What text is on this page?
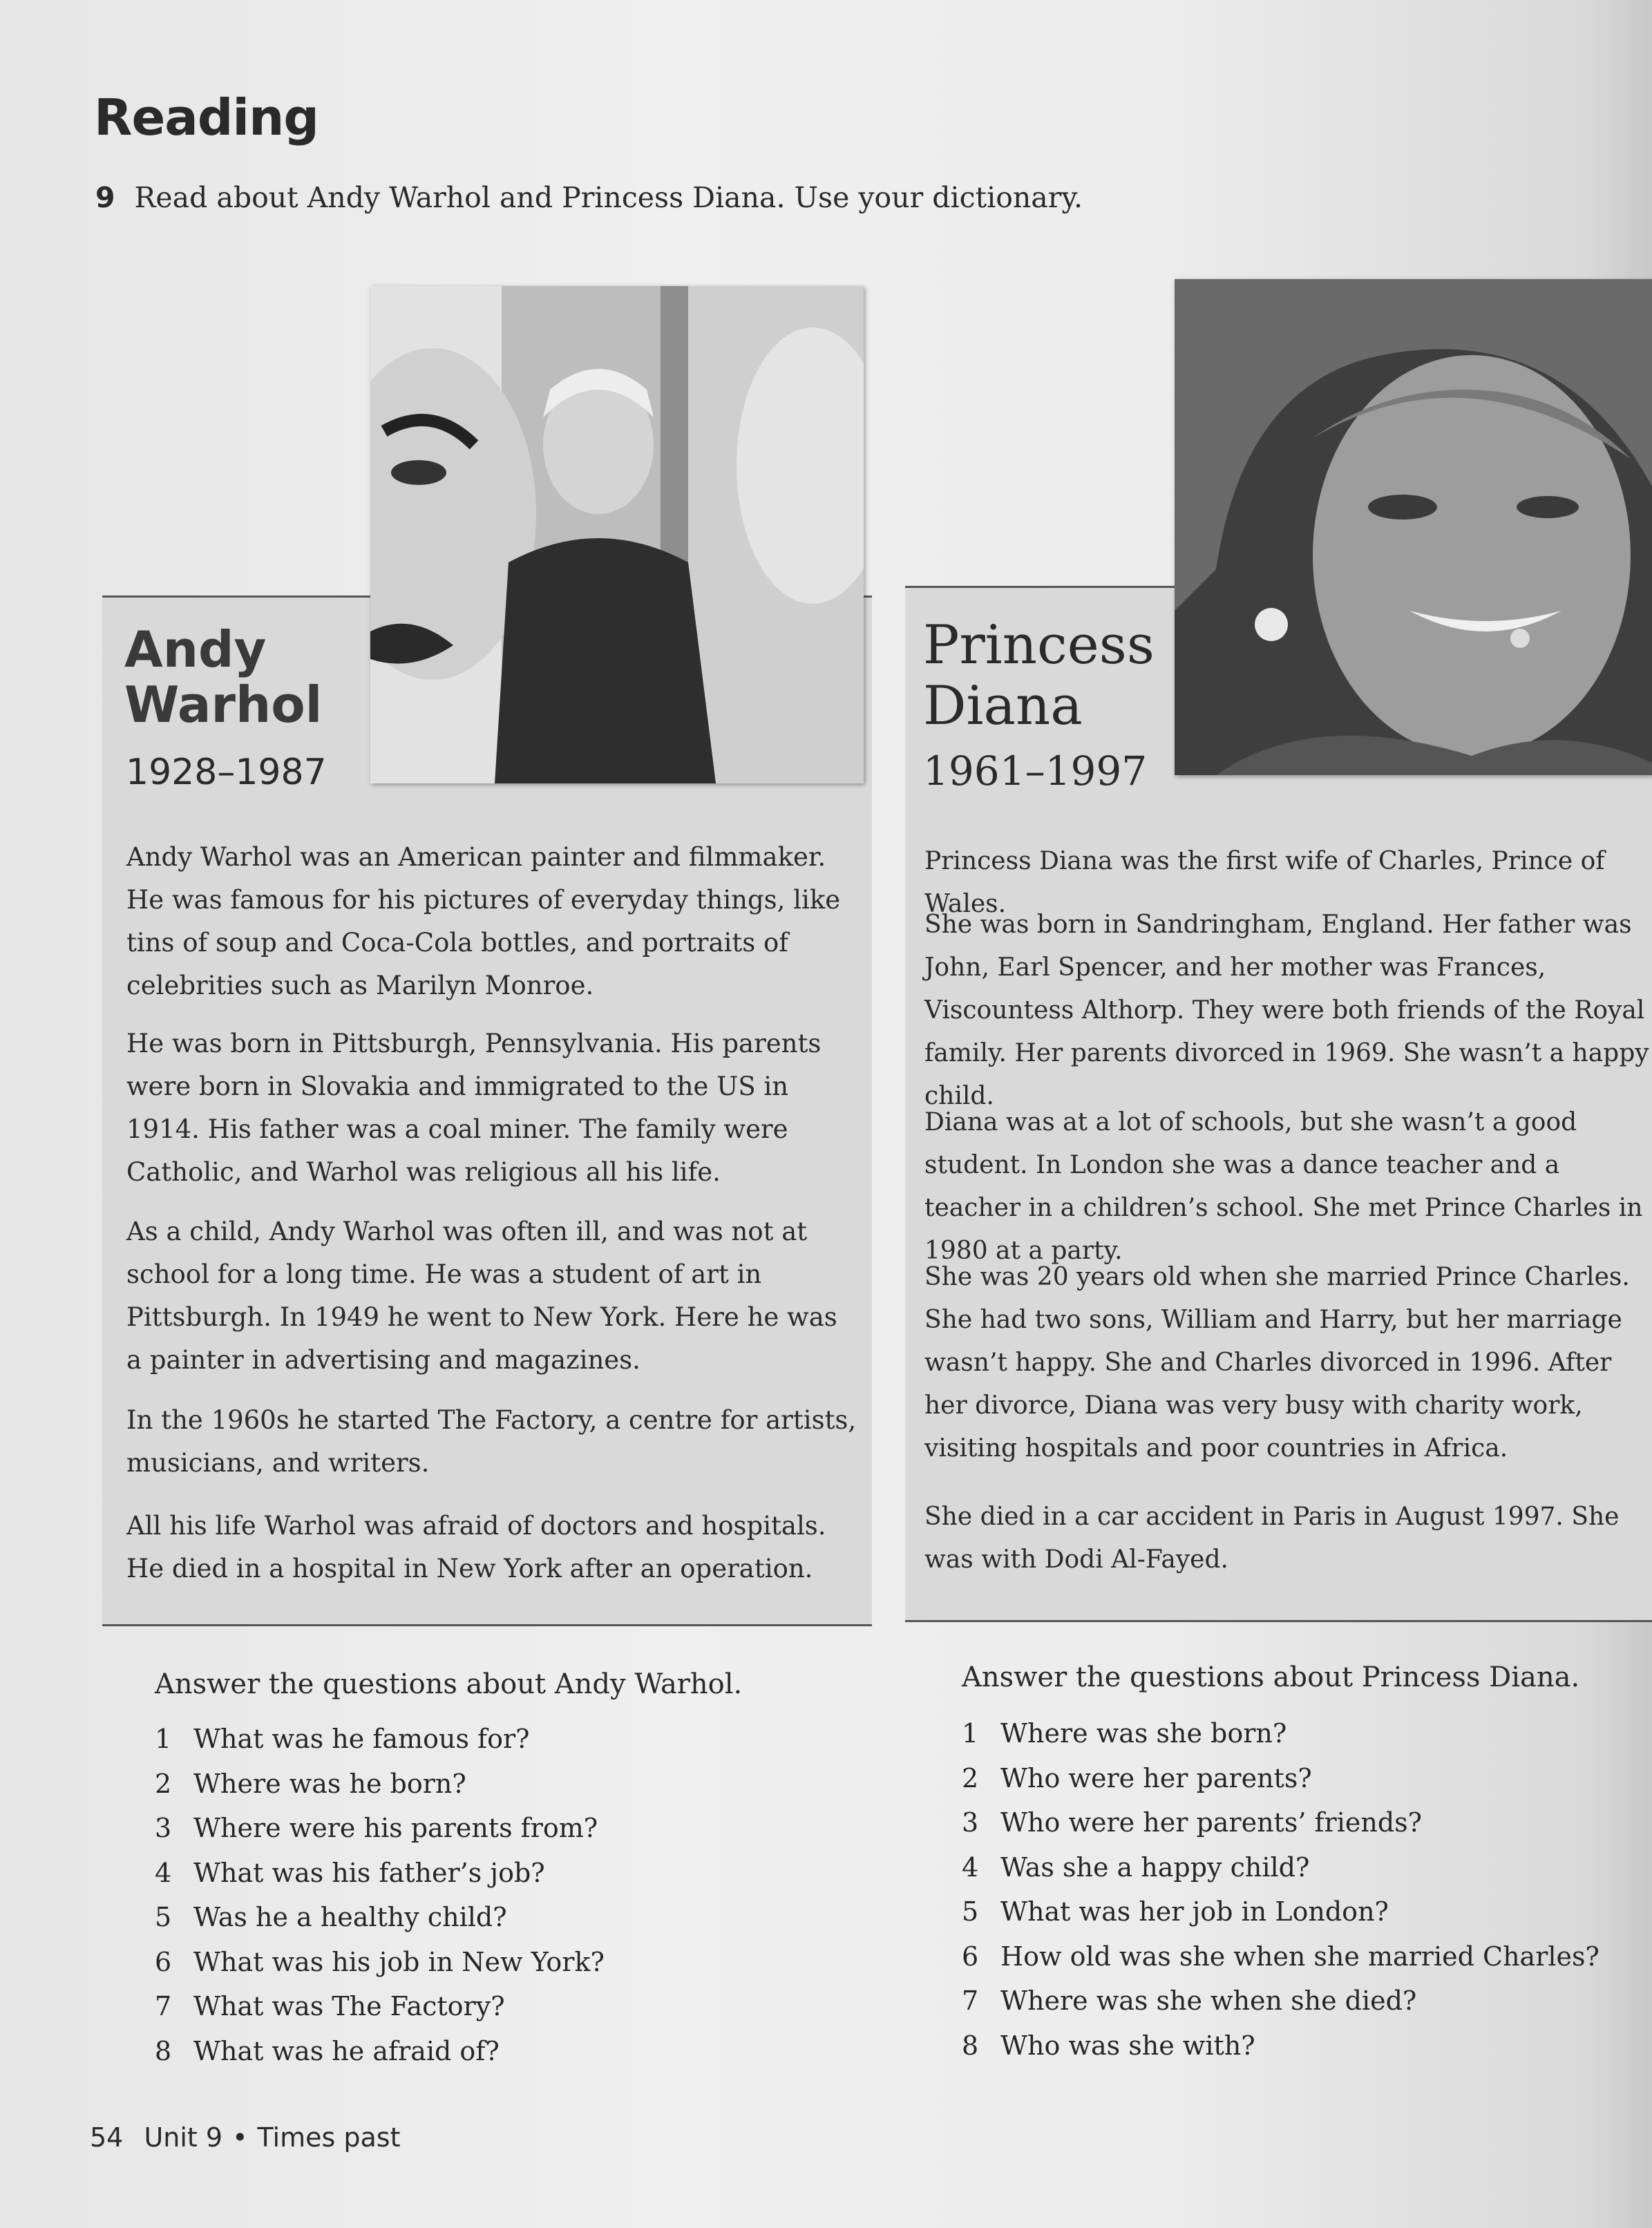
Reading
9 Read about Andy Warhol and Princess Diana. Use your dictionary.
Andy
Warhol
1928–1987

Andy Warhol was an American painter and filmmaker. He was famous for his pictures of everyday things, like tins of soup and Coca-Cola bottles, and portraits of celebrities such as Marilyn Monroe.

He was born in Pittsburgh, Pennsylvania. His parents were born in Slovakia and immigrated to the US in 1914. His father was a coal miner. The family were Catholic, and Warhol was religious all his life.

As a child, Andy Warhol was often ill, and was not at school for a long time. He was a student of art in Pittsburgh. In 1949 he went to New York. Here he was a painter in advertising and magazines.

In the 1960s he started The Factory, a centre for artists, musicians, and writers.

All his life Warhol was afraid of doctors and hospitals. He died in a hospital in New York after an operation.

Princess
Diana
1961–1997

Princess Diana was the first wife of Charles, Prince of Wales.

She was born in Sandringham, England. Her father was John, Earl Spencer, and her mother was Frances, Viscountess Althorp. They were both friends of the Royal family. Her parents divorced in 1969. She wasn’t a happy child.

Diana was at a lot of schools, but she wasn’t a good student. In London she was a dance teacher and a teacher in a children’s school. She met Prince Charles in 1980 at a party.

She was 20 years old when she married Prince Charles. She had two sons, William and Harry, but her marriage wasn’t happy. She and Charles divorced in 1996. After her divorce, Diana was very busy with charity work, visiting hospitals and poor countries in Africa.

She died in a car accident in Paris in August 1997. She was with Dodi Al-Fayed.

Answer the questions about Andy Warhol.
1 What was he famous for?
2 Where was he born?
3 Where were his parents from?
4 What was his father’s job?
5 Was he a healthy child?
6 What was his job in New York?
7 What was The Factory?
8 What was he afraid of?
Answer the questions about Princess Diana.
1 Where was she born?
2 Who were her parents?
3 Who were her parents’ friends?
4 Was she a happy child?
5 What was her job in London?
6 How old was she when she married Charles?
7 Where was she when she died?
8 Who was she with?
54 Unit 9 • Times past
